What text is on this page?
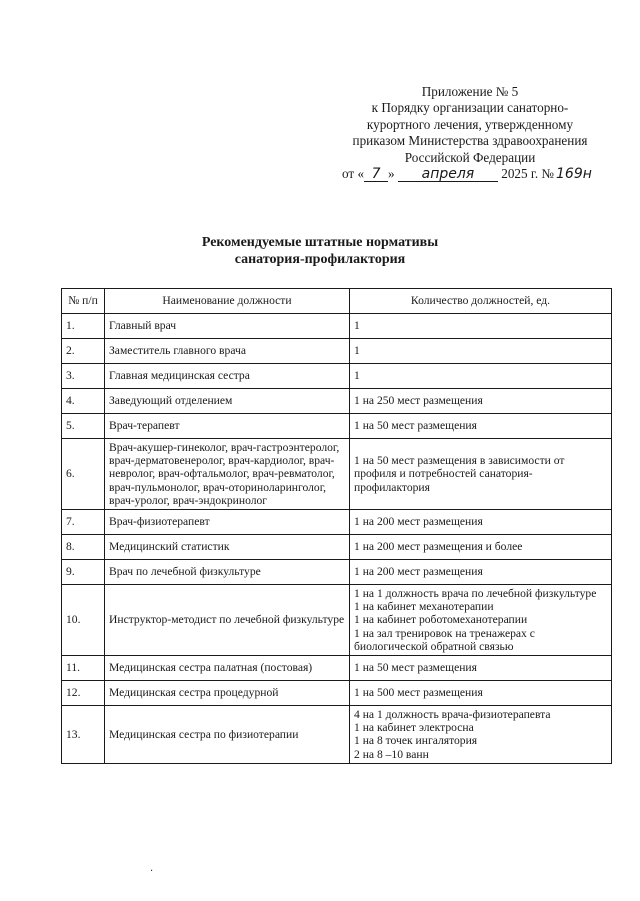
Приложение № 5
к Порядку организации санаторно-
курортного лечения, утвержденному
приказом Министерства здравоохранения
Российской Федерации
от « 7 » апреля 2025 г. № 169н
Рекомендуемые штатные нормативы
санатория-профилактория
№ п/п	Наименование должности	Количество должностей, ед.
1.	Главный врач	1
2.	Заместитель главного врача	1
3.	Главная медицинская сестра	1
4.	Заведующий отделением	1 на 250 мест размещения
5.	Врач-терапевт	1 на 50 мест размещения
6.	Врач-акушер-гинеколог, врач-гастроэнтеролог, врач-дерматовенеролог, врач-кардиолог, врач-невролог, врач-офтальмолог, врач-ревматолог, врач-пульмонолог, врач-оториноларинголог, врач-уролог, врач-эндокринолог	1 на 50 мест размещения в зависимости от профиля и потребностей санатория-профилактория
7.	Врач-физиотерапевт	1 на 200 мест размещения
8.	Медицинский статистик	1 на 200 мест размещения и более
9.	Врач по лечебной физкультуре	1 на 200 мест размещения
10.	Инструктор-методист по лечебной физкультуре	1 на 1 должность врача по лечебной физкультуре
1 на кабинет механотерапии
1 на кабинет роботомеханотерапии
1 на зал тренировок на тренажерах с биологической обратной связью

11.	Медицинская сестра палатная (постовая)	1 на 50 мест размещения
12.	Медицинская сестра процедурной	1 на 500 мест размещения
13.	Медицинская сестра по физиотерапии	4 на 1 должность врача-физиотерапевта
1 на кабинет электросна
1 на 8 точек ингалятория
2 на 8 –10 ванн
‧
